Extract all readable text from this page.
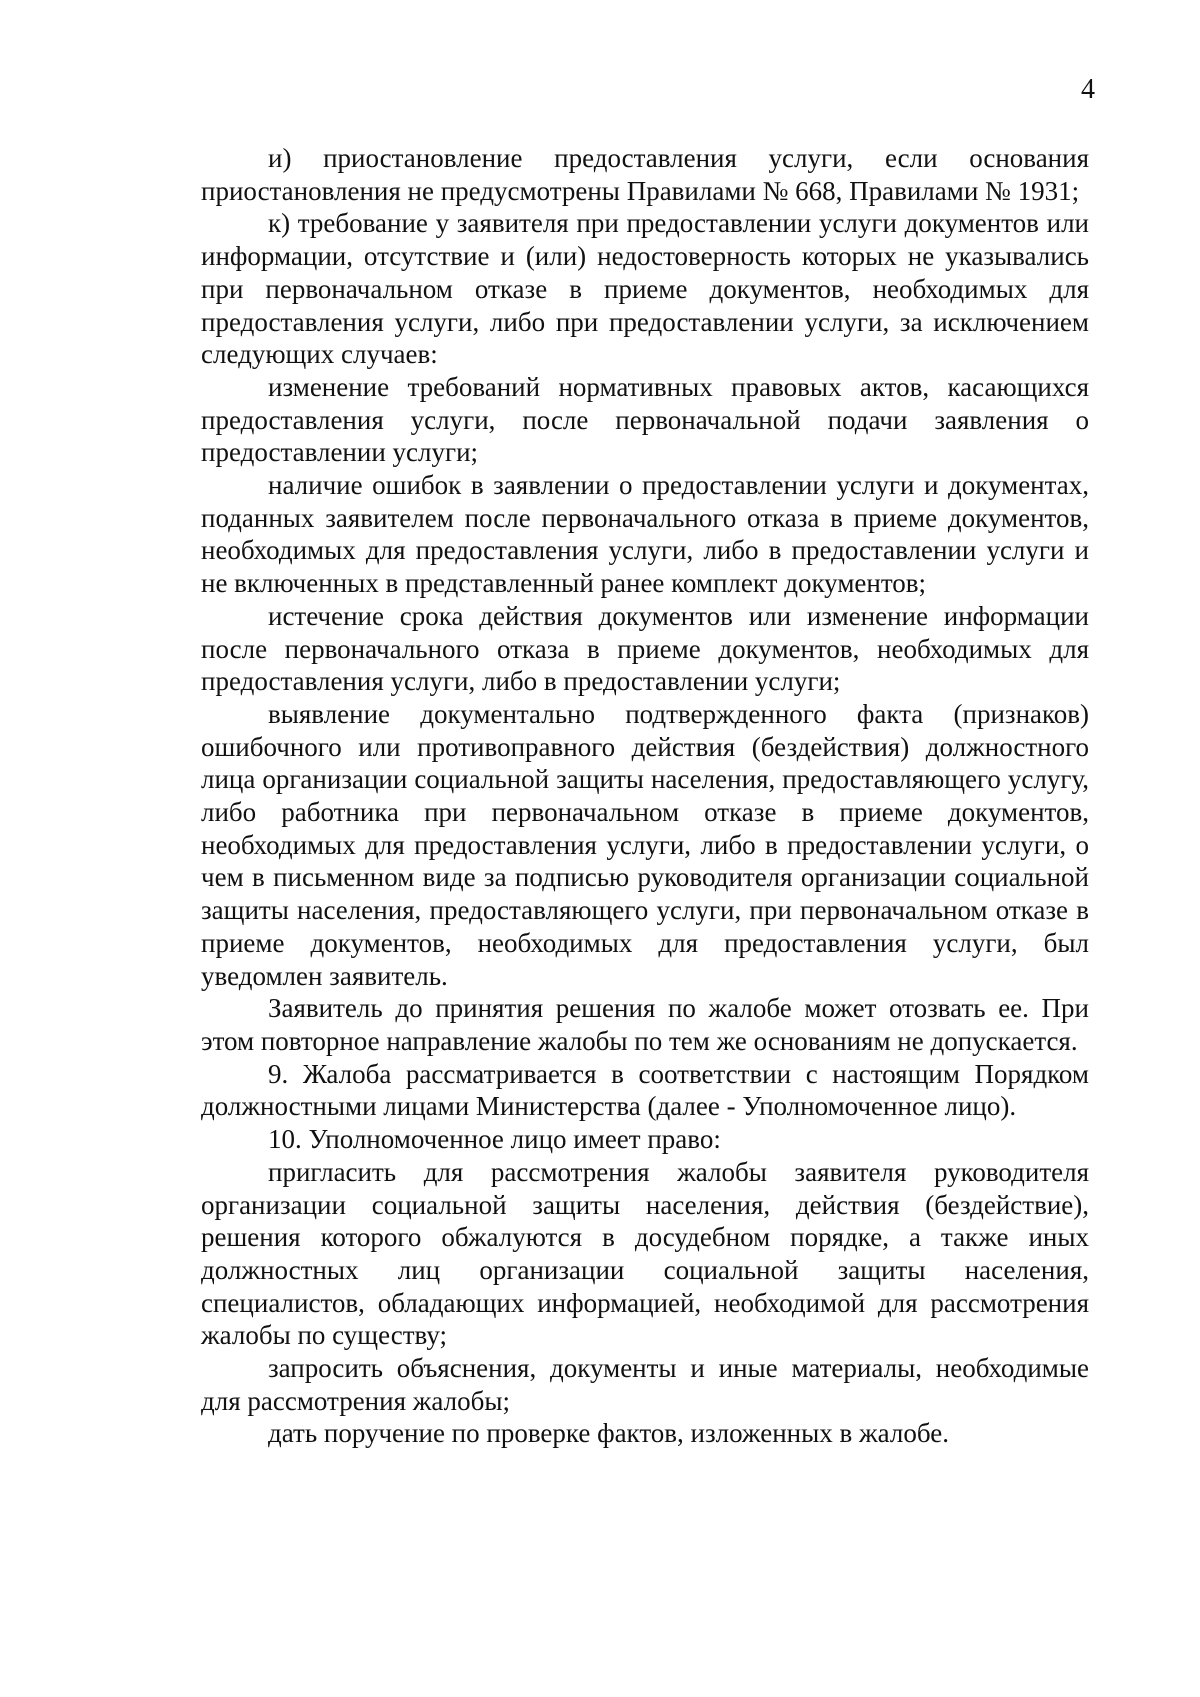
4

и) приостановление предоставления услуги, если основания приостановления не предусмотрены Правилами № 668, Правилами № 1931;

к) требование у заявителя при предоставлении услуги документов или информации, отсутствие и (или) недостоверность которых не указывались при первоначальном отказе в приеме документов, необходимых для предоставления услуги, либо при предоставлении услуги, за исключением следующих случаев:

изменение требований нормативных правовых актов, касающихся предоставления услуги, после первоначальной подачи заявления о предоставлении услуги;

наличие ошибок в заявлении о предоставлении услуги и документах, поданных заявителем после первоначального отказа в приеме документов, необходимых для предоставления услуги, либо в предоставлении услуги и не включенных в представленный ранее комплект документов;

истечение срока действия документов или изменение информации после первоначального отказа в приеме документов, необходимых для предоставления услуги, либо в предоставлении услуги;

выявление документально подтвержденного факта (признаков) ошибочного или противоправного действия (бездействия) должностного лица организации социальной защиты населения, предоставляющего услугу, либо работника при первоначальном отказе в приеме документов, необходимых для предоставления услуги, либо в предоставлении услуги, о чем в письменном виде за подписью руководителя организации социальной защиты населения, предоставляющего услуги, при первоначальном отказе в приеме документов, необходимых для предоставления услуги, был уведомлен заявитель.

Заявитель до принятия решения по жалобе может отозвать ее. При этом повторное направление жалобы по тем же основаниям не допускается.

9. Жалоба рассматривается в соответствии с настоящим Порядком должностными лицами Министерства (далее - Уполномоченное лицо).

10. Уполномоченное лицо имеет право:

пригласить для рассмотрения жалобы заявителя руководителя организации социальной защиты населения, действия (бездействие), решения которого обжалуются в досудебном порядке, а также иных должностных лиц организации социальной защиты населения, специалистов, обладающих информацией, необходимой для рассмотрения жалобы по существу;

запросить объяснения, документы и иные материалы, необходимые для рассмотрения жалобы;

дать поручение по проверке фактов, изложенных в жалобе.
